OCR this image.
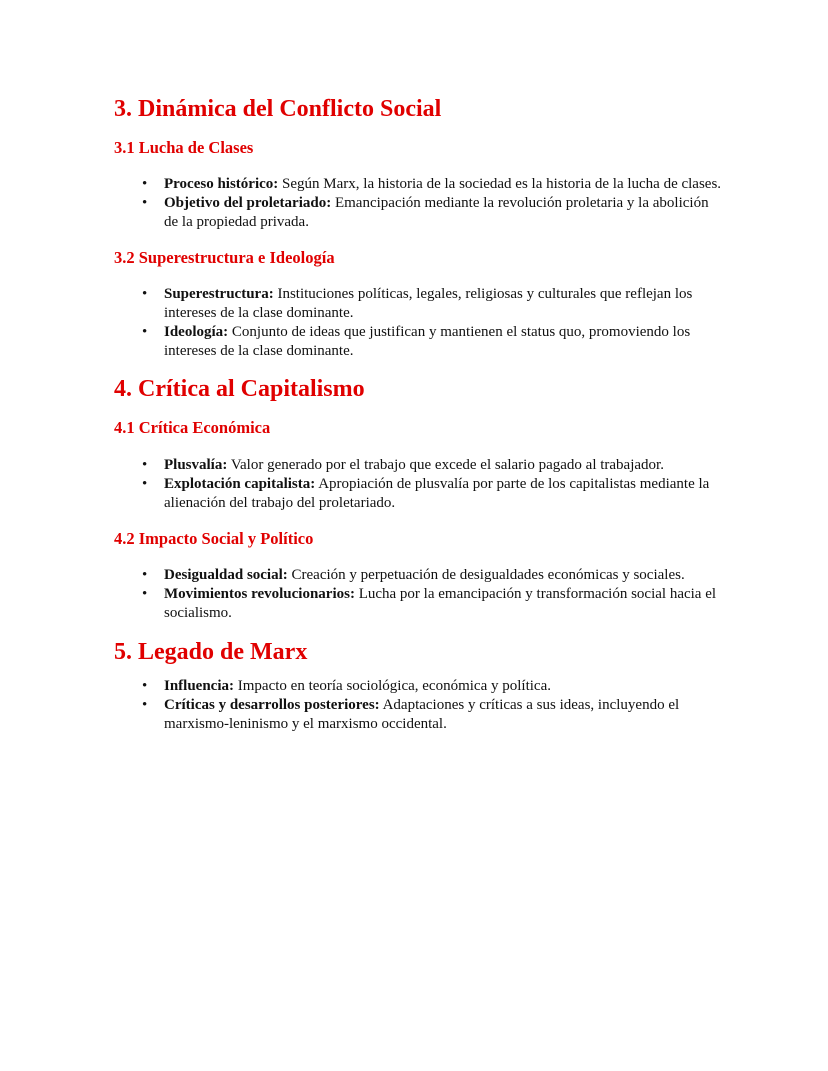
3. Dinámica del Conflicto Social
3.1 Lucha de Clases
• Proceso histórico: Según Marx, la historia de la sociedad es la historia de la lucha de clases.
• Objetivo del proletariado: Emancipación mediante la revolución proletaria y la abolición de la propiedad privada.
3.2 Superestructura e Ideología
• Superestructura: Instituciones políticas, legales, religiosas y culturales que reflejan los intereses de la clase dominante.
• Ideología: Conjunto de ideas que justifican y mantienen el status quo, promoviendo los intereses de la clase dominante.
4. Crítica al Capitalismo
4.1 Crítica Económica
• Plusvalía: Valor generado por el trabajo que excede el salario pagado al trabajador.
• Explotación capitalista: Apropiación de plusvalía por parte de los capitalistas mediante la alienación del trabajo del proletariado.
4.2 Impacto Social y Político
• Desigualdad social: Creación y perpetuación de desigualdades económicas y sociales.
• Movimientos revolucionarios: Lucha por la emancipación y transformación social hacia el socialismo.
5. Legado de Marx
• Influencia: Impacto en teoría sociológica, económica y política.
• Críticas y desarrollos posteriores: Adaptaciones y críticas a sus ideas, incluyendo el marxismo-leninismo y el marxismo occidental.
